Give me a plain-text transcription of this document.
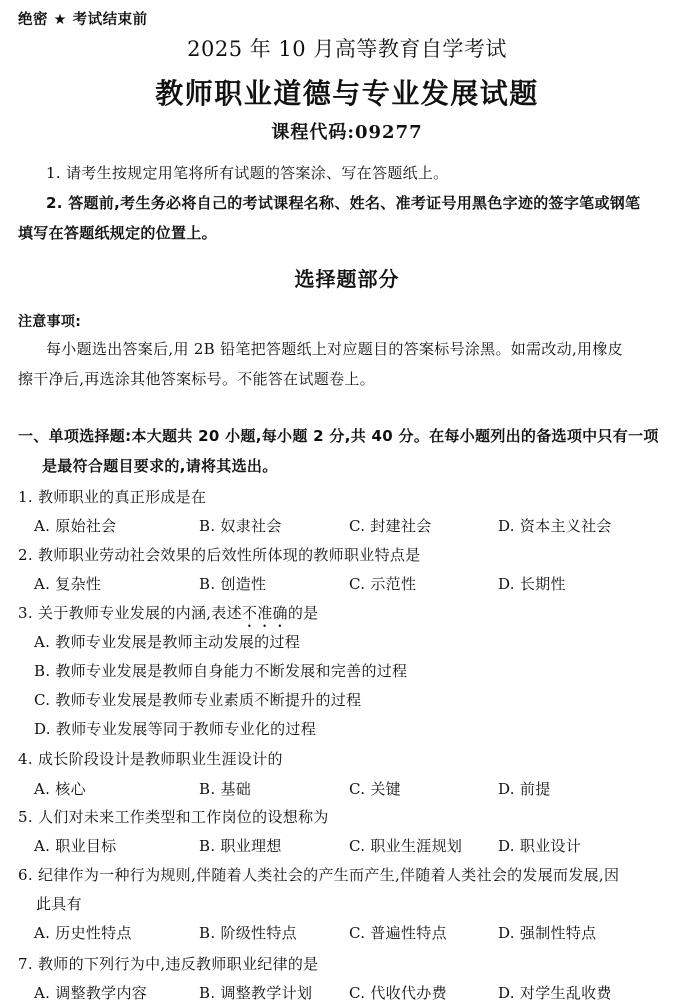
绝密 ★ 考试结束前
2025 年 10 月高等教育自学考试
教师职业道德与专业发展试题
课程代码:09277
1. 请考生按规定用笔将所有试题的答案涂、写在答题纸上。
2. 答题前,考生务必将自己的考试课程名称、姓名、准考证号用黑色字迹的签字笔或钢笔
填写在答题纸规定的位置上。
选择题部分
注意事项:
每小题选出答案后,用 2B 铅笔把答题纸上对应题目的答案标号涂黑。如需改动,用橡皮
擦干净后,再选涂其他答案标号。不能答在试题卷上。
一、单项选择题:本大题共 20 小题,每小题 2 分,共 40 分。在每小题列出的备选项中只有一项
是最符合题目要求的,请将其选出。
1. 教师职业的真正形成是在
A. 原始社会	B. 奴隶社会	C. 封建社会	D. 资本主义社会
2. 教师职业劳动社会效果的后效性所体现的教师职业特点是
A. 复杂性	B. 创造性	C. 示范性	D. 长期性
3. 关于教师专业发展的内涵,表述不准确的是
A. 教师专业发展是教师主动发展的过程
B. 教师专业发展是教师自身能力不断发展和完善的过程
C. 教师专业发展是教师专业素质不断提升的过程
D. 教师专业发展等同于教师专业化的过程
4. 成长阶段设计是教师职业生涯设计的
A. 核心	B. 基础	C. 关键	D. 前提
5. 人们对未来工作类型和工作岗位的设想称为
A. 职业目标	B. 职业理想	C. 职业生涯规划 D. 职业设计
6. 纪律作为一种行为规则,伴随着人类社会的产生而产生,伴随着人类社会的发展而发展,因
此具有
A. 历史性特点	B. 阶级性特点	C. 普遍性特点	D. 强制性特点
7. 教师的下列行为中,违反教师职业纪律的是
A. 调整教学内容	B. 调整教学计划 C. 代收代办费	D. 对学生乱收费
